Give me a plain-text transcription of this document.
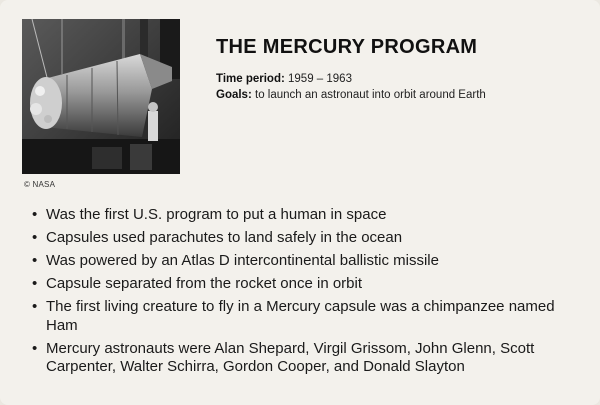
© NASA
THE MERCURY PROGRAM
Time period: 1959 – 1963
Goals: to launch an astronaut into orbit around Earth
• Was the first U.S. program to put a human in space
• Capsules used parachutes to land safely in the ocean
• Was powered by an Atlas D intercontinental ballistic missile
• Capsule separated from the rocket once in orbit
• The first living creature to fly in a Mercury capsule was a chimpanzee named Ham
• Mercury astronauts were Alan Shepard, Virgil Grissom, John Glenn, Scott Carpenter, Walter Schirra, Gordon Cooper, and Donald Slayton
